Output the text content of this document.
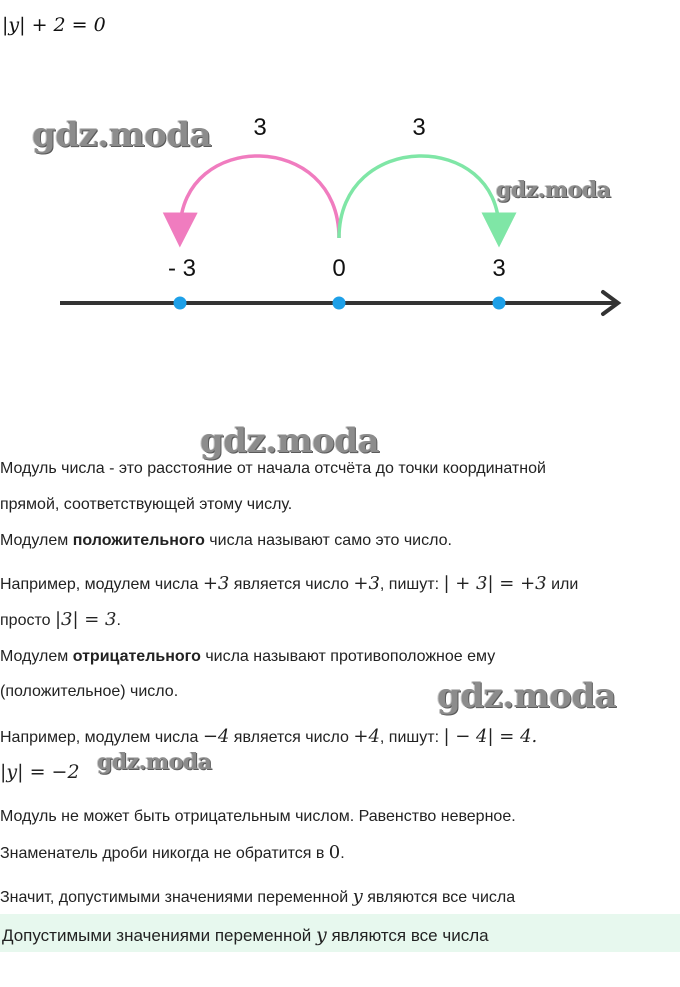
|y| + 2 = 0
3	3
- 3	0	3
gdz.moda
gdz.moda
gdz.moda
gdz.moda
gdz.moda
Модуль числа - это расстояние от начала отсчёта до точки координатной
прямой, соответствующей этому числу.
Модулем положительного числа называют само это число.
Например, модулем числа +3 является число +3, пишут: | + 3| = +3 или
просто |3| = 3.
Модулем отрицательного числа называют противоположное ему
(положительное) число.
Например, модулем числа −4 является число +4, пишут: | − 4| = 4.
|y| = −2
Модуль не может быть отрицательным числом. Равенство неверное.
Знаменатель дроби никогда не обратится в 0.
Значит, допустимыми значениями переменной y являются все числа
Допустимыми значениями переменной y являются все числа
